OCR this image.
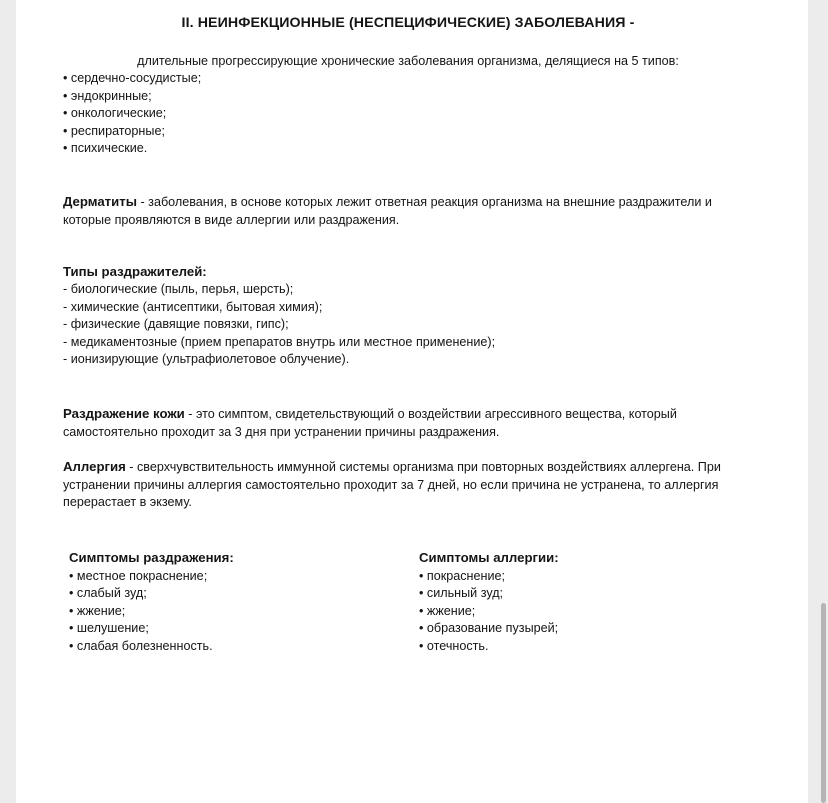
II. НЕИНФЕКЦИОННЫЕ (НЕСПЕЦИФИЧЕСКИЕ) ЗАБОЛЕВАНИЯ -
длительные прогрессирующие хронические заболевания организма, делящиеся на 5 типов:
• сердечно-сосудистые;
• эндокринные;
• онкологические;
• респираторные;
• психические.

Дерматиты - заболевания, в основе которых лежит ответная реакция организма на внешние раздражители и которые проявляются в виде аллергии или раздражения.

Типы раздражителей:
- биологические (пыль, перья, шерсть);
- химические (антисептики, бытовая химия);
- физические (давящие повязки, гипс);
- медикаментозные (прием препаратов внутрь или местное применение);
- ионизирующие (ультрафиолетовое облучение).

Раздражение кожи - это симптом, свидетельствующий о воздействии агрессивного вещества, который самостоятельно проходит за 3 дня при устранении причины раздражения.

Аллергия - сверхчувствительность иммунной системы организма при повторных воздействиях аллергена. При устранении причины аллергия самостоятельно проходит за 7 дней, но если причина не устранена, то аллергия перерастает в экзему.

Симптомы раздражения:
• местное покраснение;
• слабый зуд;
• жжение;
• шелушение;
• слабая болезненность.
Симптомы аллергии:
• покраснение;
• сильный зуд;
• жжение;
• образование пузырей;
• отечность.
